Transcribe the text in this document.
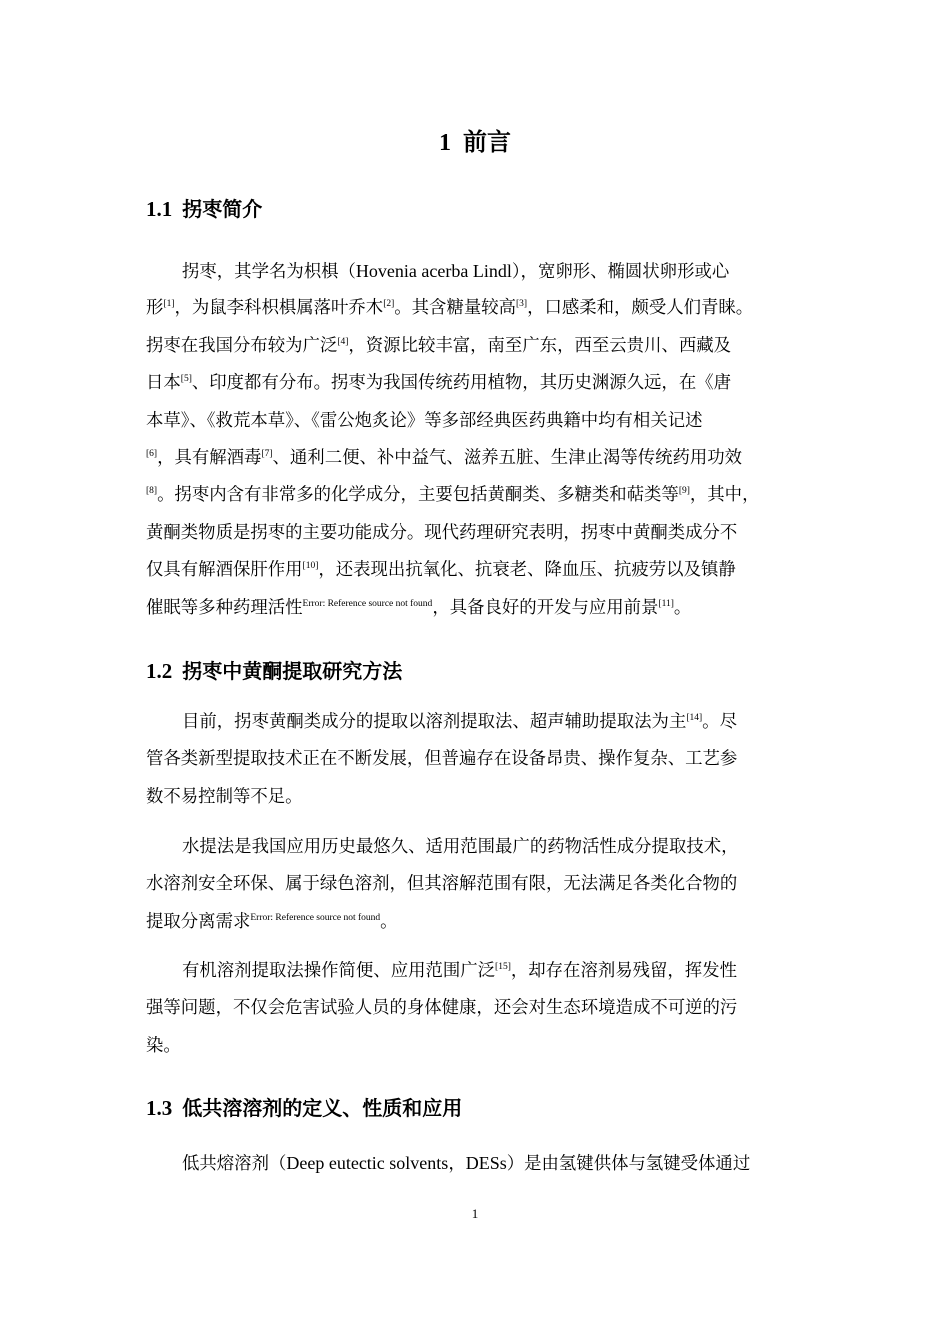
1 前言
1.1 拐枣简介
拐枣，其学名为枳椇（Hovenia acerba Lindl），宽卵形、椭圆状卵形或心
形[1]，为鼠李科枳椇属落叶乔木[2]。其含糖量较高[3]，口感柔和，颇受人们青睐。
拐枣在我国分布较为广泛[4]，资源比较丰富，南至广东，西至云贵川、西藏及
日本[5]、印度都有分布。拐枣为我国传统药用植物，其历史渊源久远，在《唐
本草》、《救荒本草》、《雷公炮炙论》等多部经典医药典籍中均有相关记述
[6]，具有解酒毒[7]、通利二便、补中益气、滋养五脏、生津止渴等传统药用功效
[8]。拐枣内含有非常多的化学成分，主要包括黄酮类、多糖类和萜类等[9]，其中，
黄酮类物质是拐枣的主要功能成分。现代药理研究表明，拐枣中黄酮类成分不
仅具有解酒保肝作用[10]，还表现出抗氧化、抗衰老、降血压、抗疲劳以及镇静
催眠等多种药理活性$^{Error: Reference source not found}$，具备良好的开发与应用前景[11]。
1.2 拐枣中黄酮提取研究方法
目前，拐枣黄酮类成分的提取以溶剂提取法、超声辅助提取法为主[14]。尽
管各类新型提取技术正在不断发展，但普遍存在设备昂贵、操作复杂、工艺参
数不易控制等不足。
水提法是我国应用历史最悠久、适用范围最广的药物活性成分提取技术，
水溶剂安全环保、属于绿色溶剂，但其溶解范围有限，无法满足各类化合物的
提取分离需求$^{Error: Reference source not found}$。
有机溶剂提取法操作简便、应用范围广泛[15]，却存在溶剂易残留，挥发性
强等问题，不仅会危害试验人员的身体健康，还会对生态环境造成不可逆的污
染。
1.3 低共溶溶剂的定义、性质和应用
低共熔溶剂（Deep eutectic solvents，DESs）是由氢键供体与氢键受体通过
1
